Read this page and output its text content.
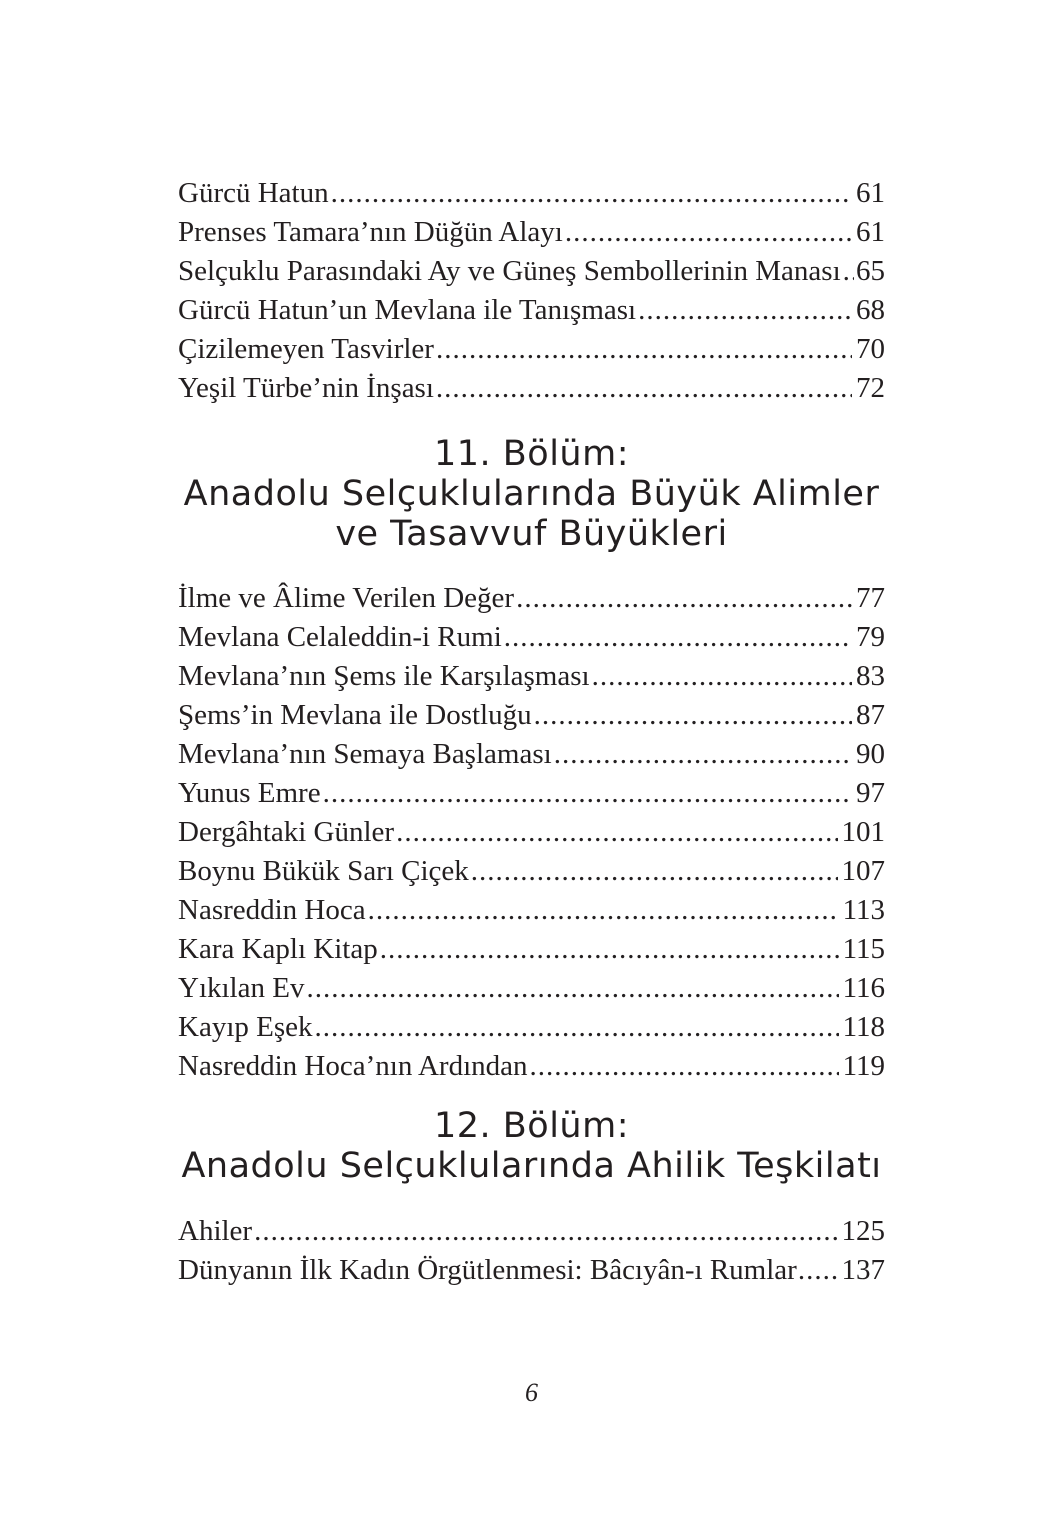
Gürcü Hatun .....	61
Prenses Tamara’nın Düğün Alayı .....	61
Selçuklu Parasındaki Ay ve Güneş Sembollerinin Manası ..... 65
Gürcü Hatun’un Mevlana ile Tanışması .....	68
Çizilemeyen Tasvirler .....	70
Yeşil Türbe’nin İnşası .....	72
11. Bölüm:
Anadolu Selçuklularında Büyük Alimler
ve Tasavvuf Büyükleri
İlme ve Âlime Verilen Değer .....	77
Mevlana Celaleddin-i Rumi .....	79
Mevlana’nın Şems ile Karşılaşması .....	83
Şems’in Mevlana ile Dostluğu .....	87
Mevlana’nın Semaya Başlaması .....	90
Yunus Emre .....	97
Dergâhtaki Günler .....	101
Boynu Bükük Sarı Çiçek .....	107
Nasreddin Hoca .....	113
Kara Kaplı Kitap .....	115
Yıkılan Ev .....	116
Kayıp Eşek .....	118
Nasreddin Hoca’nın Ardından .....	119
12. Bölüm:
Anadolu Selçuklularında Ahilik Teşkilatı
Ahiler .....	125
Dünyanın İlk Kadın Örgütlenmesi: Bâcıyân-ı Rumlar ..... 137
6
